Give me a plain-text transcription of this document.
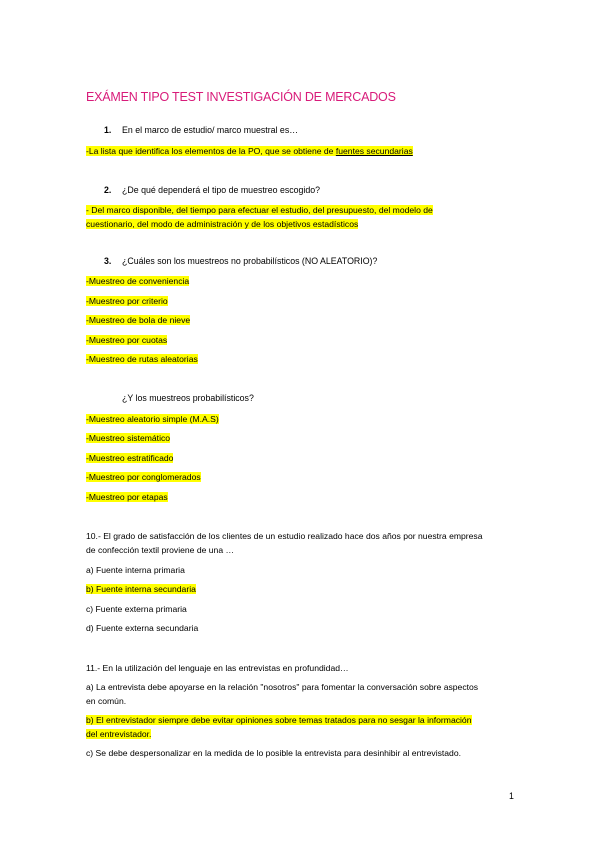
EXÁMEN TIPO TEST INVESTIGACIÓN DE MERCADOS
1. En el marco de estudio/ marco muestral es…
-La lista que identifica los elementos de la PO, que se obtiene de fuentes secundarias
2. ¿De qué dependerá el tipo de muestreo escogido?
- Del marco disponible, del tiempo para efectuar el estudio, del presupuesto, del modelo de
cuestionario, del modo de administración y de los objetivos estadísticos
3. ¿Cuáles son los muestreos no probabilísticos (NO ALEATORIO)?
-Muestreo de conveniencia
-Muestreo por criterio
-Muestreo de bola de nieve
-Muestreo por cuotas
-Muestreo de rutas aleatorias
¿Y los muestreos probabilísticos?
-Muestreo aleatorio simple (M.A.S)
-Muestreo sistemático
-Muestreo estratificado
-Muestreo por conglomerados
-Muestreo por etapas
10.- El grado de satisfacción de los clientes de un estudio realizado hace dos años por nuestra empresa
de confección textil proviene de una …
a) Fuente interna primaria
b) Fuente interna secundaria
c) Fuente externa primaria
d) Fuente externa secundaria
11.- En la utilización del lenguaje en las entrevistas en profundidad…
a) La entrevista debe apoyarse en la relación "nosotros" para fomentar la conversación sobre aspectos
en común.
b) El entrevistador siempre debe evitar opiniones sobre temas tratados para no sesgar la información
del entrevistador.
c) Se debe despersonalizar en la medida de lo posible la entrevista para desinhibir al entrevistado.
1
